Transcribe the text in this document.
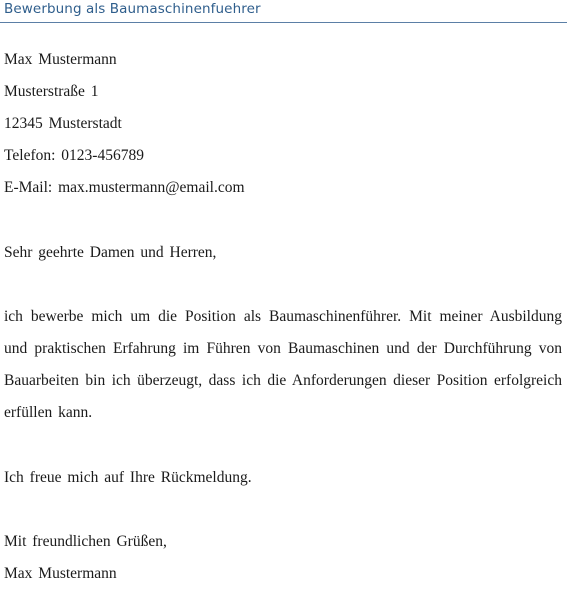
Bewerbung als Baumaschinenfuehrer
Max Mustermann
Musterstraße 1
12345 Musterstadt
Telefon: 0123-456789
E-Mail: max.mustermann@email.com
Sehr geehrte Damen und Herren,
ich bewerbe mich um die Position als Baumaschinenführer. Mit meiner Ausbildung
und praktischen Erfahrung im Führen von Baumaschinen und der Durchführung von
Bauarbeiten bin ich überzeugt, dass ich die Anforderungen dieser Position erfolgreich
erfüllen kann.
Ich freue mich auf Ihre Rückmeldung.
Mit freundlichen Grüßen,
Max Mustermann
